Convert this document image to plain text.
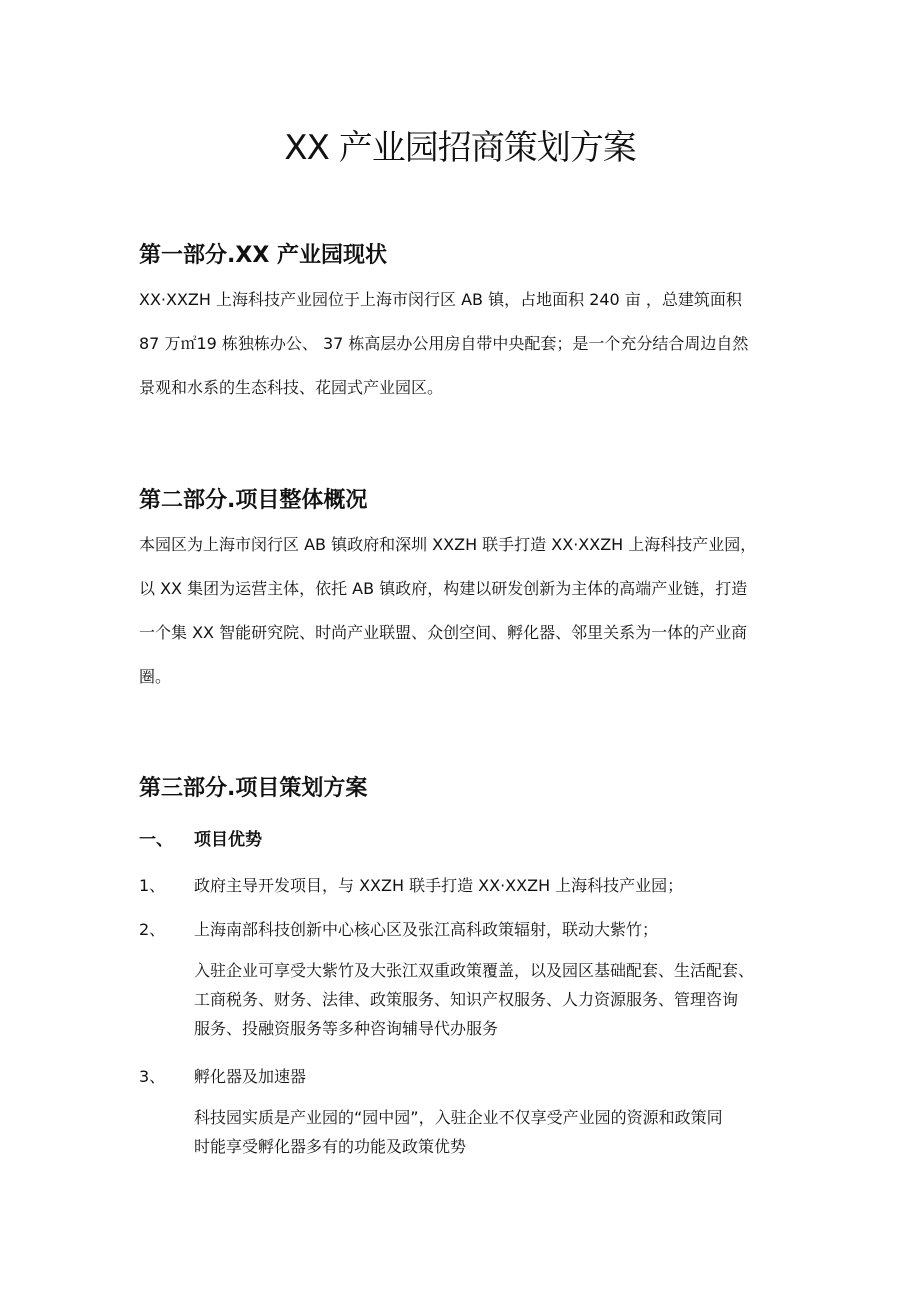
XX 产业园招商策划方案
第一部分.XX 产业园现状

XX·XXZH 上海科技产业园位于上海市闵行区 AB 镇，占地面积 240 亩 ，总建筑面积

87 万㎡19 栋独栋办公、 37 栋高层办公用房自带中央配套；是一个充分结合周边自然

景观和水系的生态科技、花园式产业园区。

第二部分.项目整体概况

本园区为上海市闵行区 AB 镇政府和深圳 XXZH 联手打造 XX·XXZH 上海科技产业园，

以 XX 集团为运营主体，依托 AB 镇政府，构建以研发创新为主体的高端产业链，打造

一个集 XX 智能研究院、时尚产业联盟、众创空间、孵化器、邻里关系为一体的产业商

圈。

第三部分.项目策划方案
一、 项目优势
1、 政府主导开发项目，与 XXZH 联手打造 XX·XXZH 上海科技产业园；
2、 上海南部科技创新中心核心区及张江高科政策辐射，联动大紫竹；

入驻企业可享受大紫竹及大张江双重政策覆盖，以及园区基础配套、生活配套、

工商税务、财务、法律、政策服务、知识产权服务、人力资源服务、管理咨询

服务、投融资服务等多种咨询辅导代办服务

3、 孵化器及加速器

科技园实质是产业园的“园中园”，入驻企业不仅享受产业园的资源和政策同

时能享受孵化器多有的功能及政策优势
